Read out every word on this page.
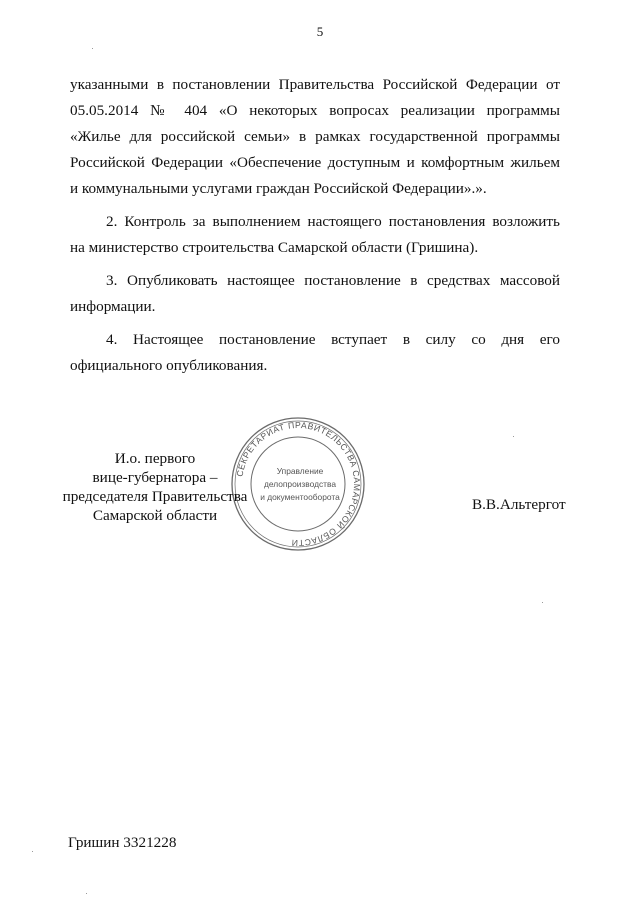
5
указанными в постановлении Правительства Российской Федерации от
05.05.2014 № 404 «О некоторых вопросах реализации программы
«Жилье для российской семьи» в рамках государственной программы
Российской Федерации «Обеспечение доступным и комфортным жильем
и коммунальными услугами граждан Российской Федерации».».
2. Контроль за выполнением настоящего постановления возложить
на министерство строительства Самарской области (Гришина).
3. Опубликовать настоящее постановление в средствах массовой
информации.
4. Настоящее постановление вступает в силу со дня его
официального опубликования.
СЕКРЕТАРИАТ ПРАВИТЕЛЬСТВА САМАРСКОЙ ОБЛАСТИ
Управление
делопроизводства
и документооборота
И.о. первого
вице-губернатора –
председателя Правительства
Самарской области
В.В.Альтергот
Гришин 3321228
